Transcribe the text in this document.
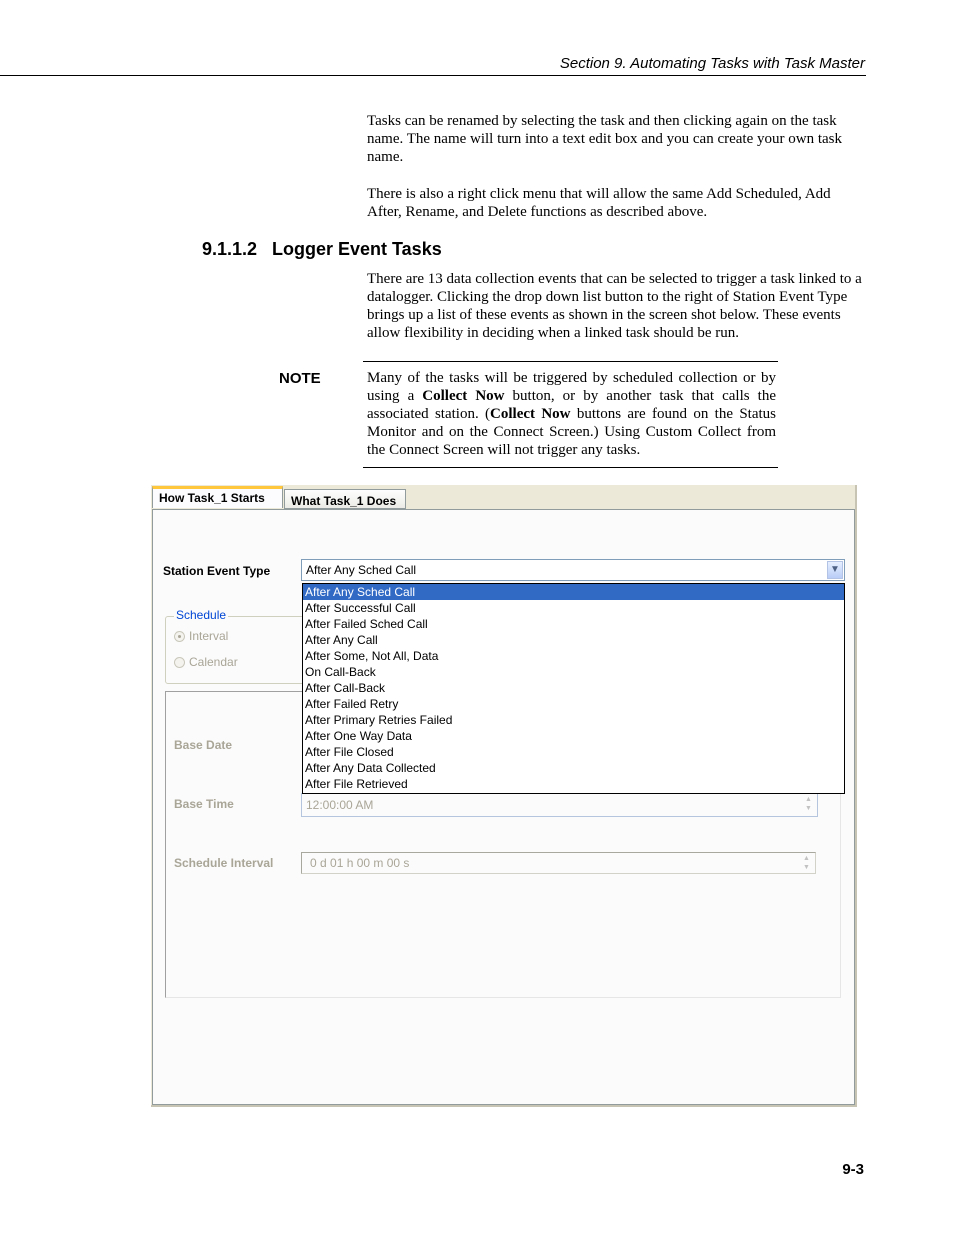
Section 9. Automating Tasks with Task Master

Tasks can be renamed by selecting the task and then clicking again on the task name. The name will turn into a text edit box and you can create your own task name.

There is also a right click menu that will allow the same Add Scheduled, Add After, Rename, and Delete functions as described above.

9.1.1.2 Logger Event Tasks

There are 13 data collection events that can be selected to trigger a task linked to a datalogger. Clicking the drop down list button to the right of Station Event Type brings up a list of these events as shown in the screen shot below. These events allow flexibility in deciding when a linked task should be run.

NOTE	Many of the tasks will be triggered by scheduled collection or by using a Collect Now button, or by another task that calls the associated station. (Collect Now buttons are found on the Status Monitor and on the Connect Screen.) Using Custom Collect from the Connect Screen will not trigger any tasks.

How Task_1 Starts	What Task_1 Does
Station Event Type	After Any Sched Call	▼
Schedule
Interval
Calendar
Base Date
Base Time	12:00:00 AM	▲
▼
Schedule Interval	0 d 01 h 00 m 00 s	▲
▼
After Any Sched Call
After Successful Call
After Failed Sched Call
After Any Call
After Some, Not All, Data
On Call-Back
After Call-Back
After Failed Retry
After Primary Retries Failed
After One Way Data
After File Closed
After Any Data Collected
After File Retrieved
9-3
